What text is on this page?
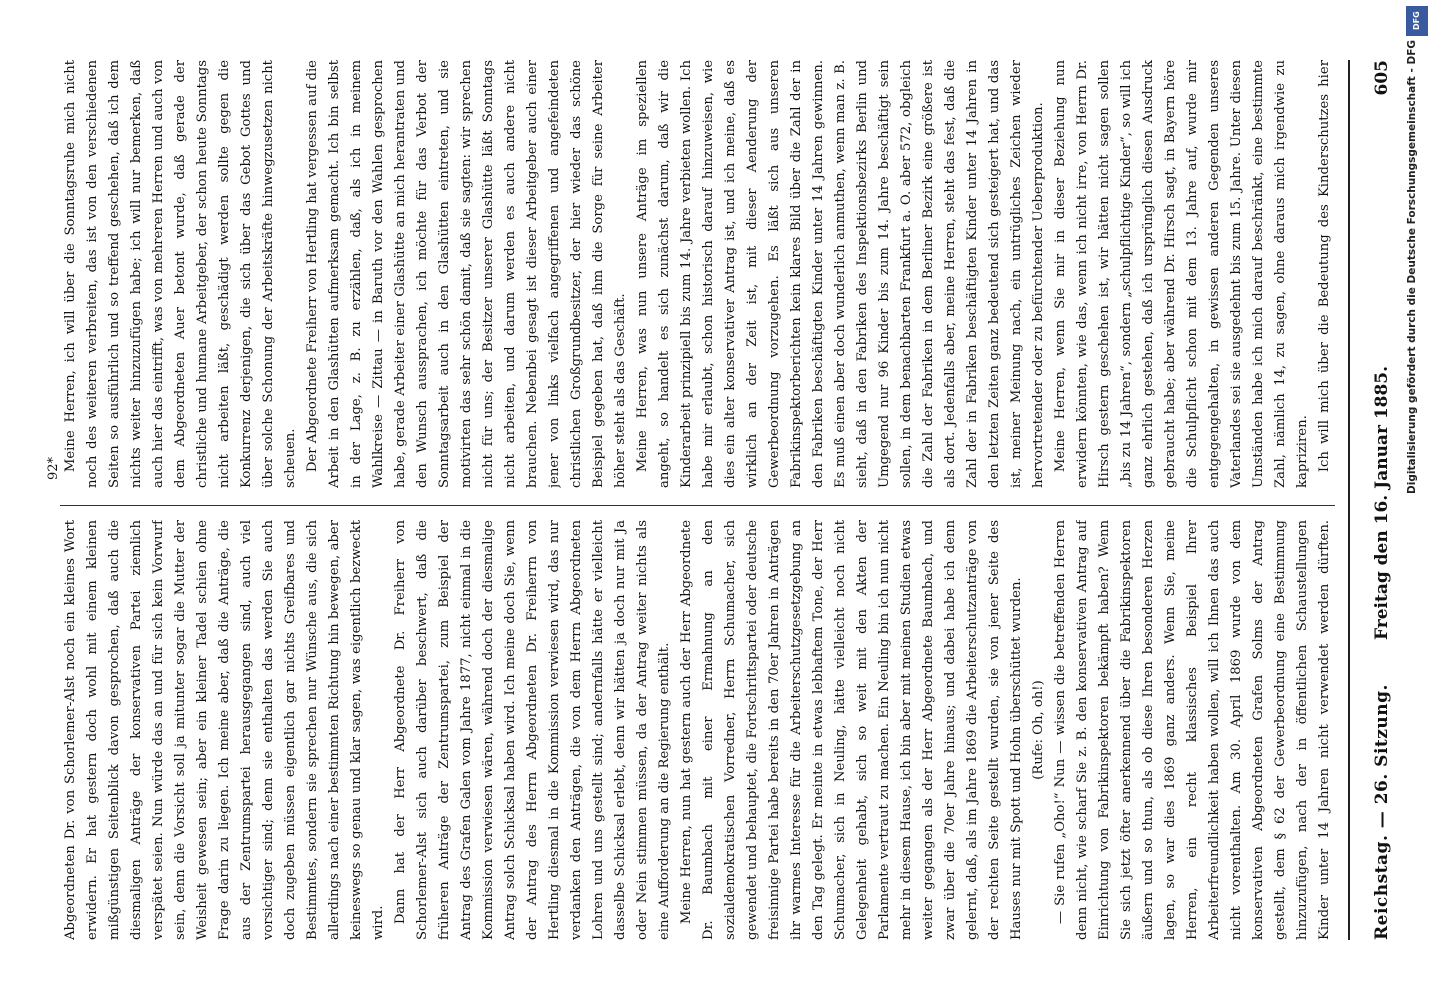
Reichstag. — 26. Sitzung.
Freitag den 16. Januar 1885.
605

Abgeordneten Dr. von Schorlemer-Alst noch ein kleines Wort erwidern. Er hat gestern doch wohl mit einem kleinen mißgünstigen Seitenblick davon gesprochen, daß auch die diesmaligen Anträge der konservativen Partei ziemlich verspätet seien. Nun würde das an und für sich kein Vorwurf sein, denn die Vorsicht soll ja mitunter sogar die Mutter der Weisheit gewesen sein; aber ein kleiner Tadel schien ohne Frage darin zu liegen. Ich meine aber, daß die Anträge, die aus der Zentrumspartei herausgegangen sind, auch viel vorsichtiger sind; denn sie enthalten das werden Sie auch doch zugeben müssen eigentlich gar nichts Greifbares und Bestimmtes, sondern sie sprechen nur Wünsche aus, die sich allerdings nach einer bestimmten Richtung hin bewegen, aber keineswegs so genau und klar sagen, was eigentlich bezweckt wird. Dann hat der Herr Abgeordnete Dr. Freiherr von Schorlemer-Alst sich auch darüber beschwert, daß die früheren Anträge der Zentrumspartei, zum Beispiel der Antrag des Grafen Galen vom Jahre 1877, nicht einmal in die Kommission verwiesen wären, während doch der diesmalige Antrag solch Schicksal haben wird. Ich meine doch Sie, wenn der Antrag des Herrn Abgeordneten Dr. Freiherrn von Hertling diesmal in die Kommission verwiesen wird, das nur verdanken den Anträgen, die von dem Herrn Abgeordneten Lohren und uns gestellt sind; andernfalls hätte er vielleicht dasselbe Schicksal erlebt, denn wir hätten ja doch nur mit Ja oder Nein stimmen müssen, da der Antrag weiter nichts als eine Aufforderung an die Regierung enthält. Meine Herren, nun hat gestern auch der Herr Abgeordnete Dr. Baumbach mit einer Ermahnung an den sozialdemokratischen Vorredner, Herrn Schumacher, sich gewendet und behauptet, die Fortschrittspartei oder deutsche freisinnige Partei habe bereits in den 70er Jahren in Anträgen ihr warmes Interesse für die Arbeiterschutzgesetzgebung an den Tag gelegt. Er meinte in etwas lebhaftem Tone, der Herr Schumacher, sich in Neuling, hätte vielleicht noch nicht Gelegenheit gehabt, sich so weit mit den Akten der Parlamente vertraut zu machen. Ein Neuling bin ich nun nicht mehr in diesem Hause, ich bin aber mit meinen Studien etwas weiter gegangen als der Herr Abgeordnete Baumbach, und zwar über die 70er Jahre hinaus; und dabei habe ich denn gelernt, daß, als im Jahre 1869 die Arbeiterschutzanträge von der rechten Seite gestellt wurden, sie von jener Seite des Hauses nur mit Spott und Hohn überschüttet wurden. (Rufe: Oh, oh!)

— Sie rufen „Oho!“ Nun — wissen die betreffenden Herren denn nicht, wie scharf Sie z. B. den konservativen Antrag auf Einrichtung von Fabrikinspektoren bekämpft haben? Wenn Sie sich jetzt öfter anerkennend über die Fabrikinspektoren äußern und so thun, als ob diese Ihren besonderen Herzen lagen, so war dies 1869 ganz anders. Wenn Sie, meine Herren, ein recht klassisches Beispiel Ihrer Arbeiterfreundlichkeit haben wollen, will ich Ihnen das auch nicht vorenthalten. Am 30. April 1869 wurde von dem konservativen Abgeordneten Grafen Solms der Antrag gestellt, dem § 62 der Gewerbeordnung eine Bestimmung hinzuzufügen, nach der in öffentlichen Schaustellungen Kinder unter 14 Jahren nicht verwendet werden dürften.

Meine Herren, ich will über die Sonntagsruhe mich nicht noch des weiteren verbreiten, das ist von den verschiedenen Seiten so ausführlich und so treffend geschehen, daß ich dem nichts weiter hinzuzufügen habe; ich will nur bemerken, daß auch hier das eintrifft, was von mehreren Herren und auch von dem Abgeordneten Auer betont wurde, daß gerade der christliche und humane Arbeitgeber, der schon heute Sonntags nicht arbeiten läßt, geschädigt werden sollte gegen die Konkurrenz derjenigen, die sich über das Gebot Gottes und über solche Schonung der Arbeitskräfte hinwegzusetzen nicht scheuen. Der Abgeordnete Freiherr von Hertling hat vergessen auf die Arbeit in den Glashütten aufmerksam gemacht. Ich bin selbst in der Lage, z. B. zu erzählen, daß, als ich in meinem Wahlkreise — Zittau — in Baruth vor den Wahlen gesprochen habe, gerade Arbeiter einer Glashütte an mich herantraten und den Wunsch aussprachen, ich möchte für das Verbot der Sonntagsarbeit auch in den Glashütten eintreten, und sie motivirten das sehr schön damit, daß sie sagten: wir sprechen nicht für uns; der Besitzer unserer Glashütte läßt Sonntags nicht arbeiten, und darum werden es auch andere nicht brauchen. Nebenbei gesagt ist dieser Arbeitgeber auch einer jener von links vielfach angegriffenen und angefeindeten christlichen Großgrundbesitzer, der hier wieder das schöne Beispiel gegeben hat, daß ihm die Sorge für seine Arbeiter höher steht als das Geschäft. Meine Herren, was nun unsere Anträge im speziellen angeht, so handelt es sich zunächst darum, daß wir die Kinderarbeit prinzipiell bis zum 14. Jahre verbieten wollen. Ich habe mir erlaubt, schon historisch darauf hinzuweisen, wie dies ein alter konservativer Antrag ist, und ich meine, daß es wirklich an der Zeit ist, mit dieser Aenderung der Gewerbeordnung vorzugehen. Es läßt sich aus unseren Fabrikinspektorberichten kein klares Bild über die Zahl der in den Fabriken beschäftigten Kinder unter 14 Jahren gewinnen. Es muß einen aber doch wunderlich anmuthen, wenn man z. B. sieht, daß in den Fabriken des Inspektionsbezirks Berlin und Umgegend nur 96 Kinder bis zum 14. Jahre beschäftigt sein sollen, in dem benachbarten Frankfurt a. O. aber 572, obgleich die Zahl der Fabriken in dem Berliner Bezirk eine größere ist als dort. Jedenfalls aber, meine Herren, steht das fest, daß die Zahl der in Fabriken beschäftigten Kinder unter 14 Jahren in den letzten Zeiten ganz bedeutend sich gesteigert hat, und das ist, meiner Meinung nach, ein untrügliches Zeichen wieder hervortretender oder zu befürchtender Ueberproduktion. Meine Herren, wenn Sie mir in dieser Beziehung nun erwidern könnten, wie das, wenn ich nicht irre, von Herrn Dr. Hirsch gestern geschehen ist, wir hätten nicht sagen sollen „bis zu 14 Jahren“, sondern „schulpflichtige Kinder“, so will ich ganz ehrlich gestehen, daß ich ursprünglich diesen Ausdruck gebraucht habe; aber während Dr. Hirsch sagt, in Bayern höre die Schulpflicht schon mit dem 13. Jahre auf, wurde mir entgegengehalten, in gewissen anderen Gegenden unseres Vaterlandes sei sie ausgedehnt bis zum 15. Jahre. Unter diesen Umständen habe ich mich darauf beschränkt, eine bestimmte Zahl, nämlich 14, zu sagen, ohne daraus mich irgendwie zu kapriziren. Ich will mich über die Bedeutung des Kinderschutzes hier

92*	Digitalisierung gefördert durch die Deutsche Forschungsgemeinschaft - DFG
DFG
